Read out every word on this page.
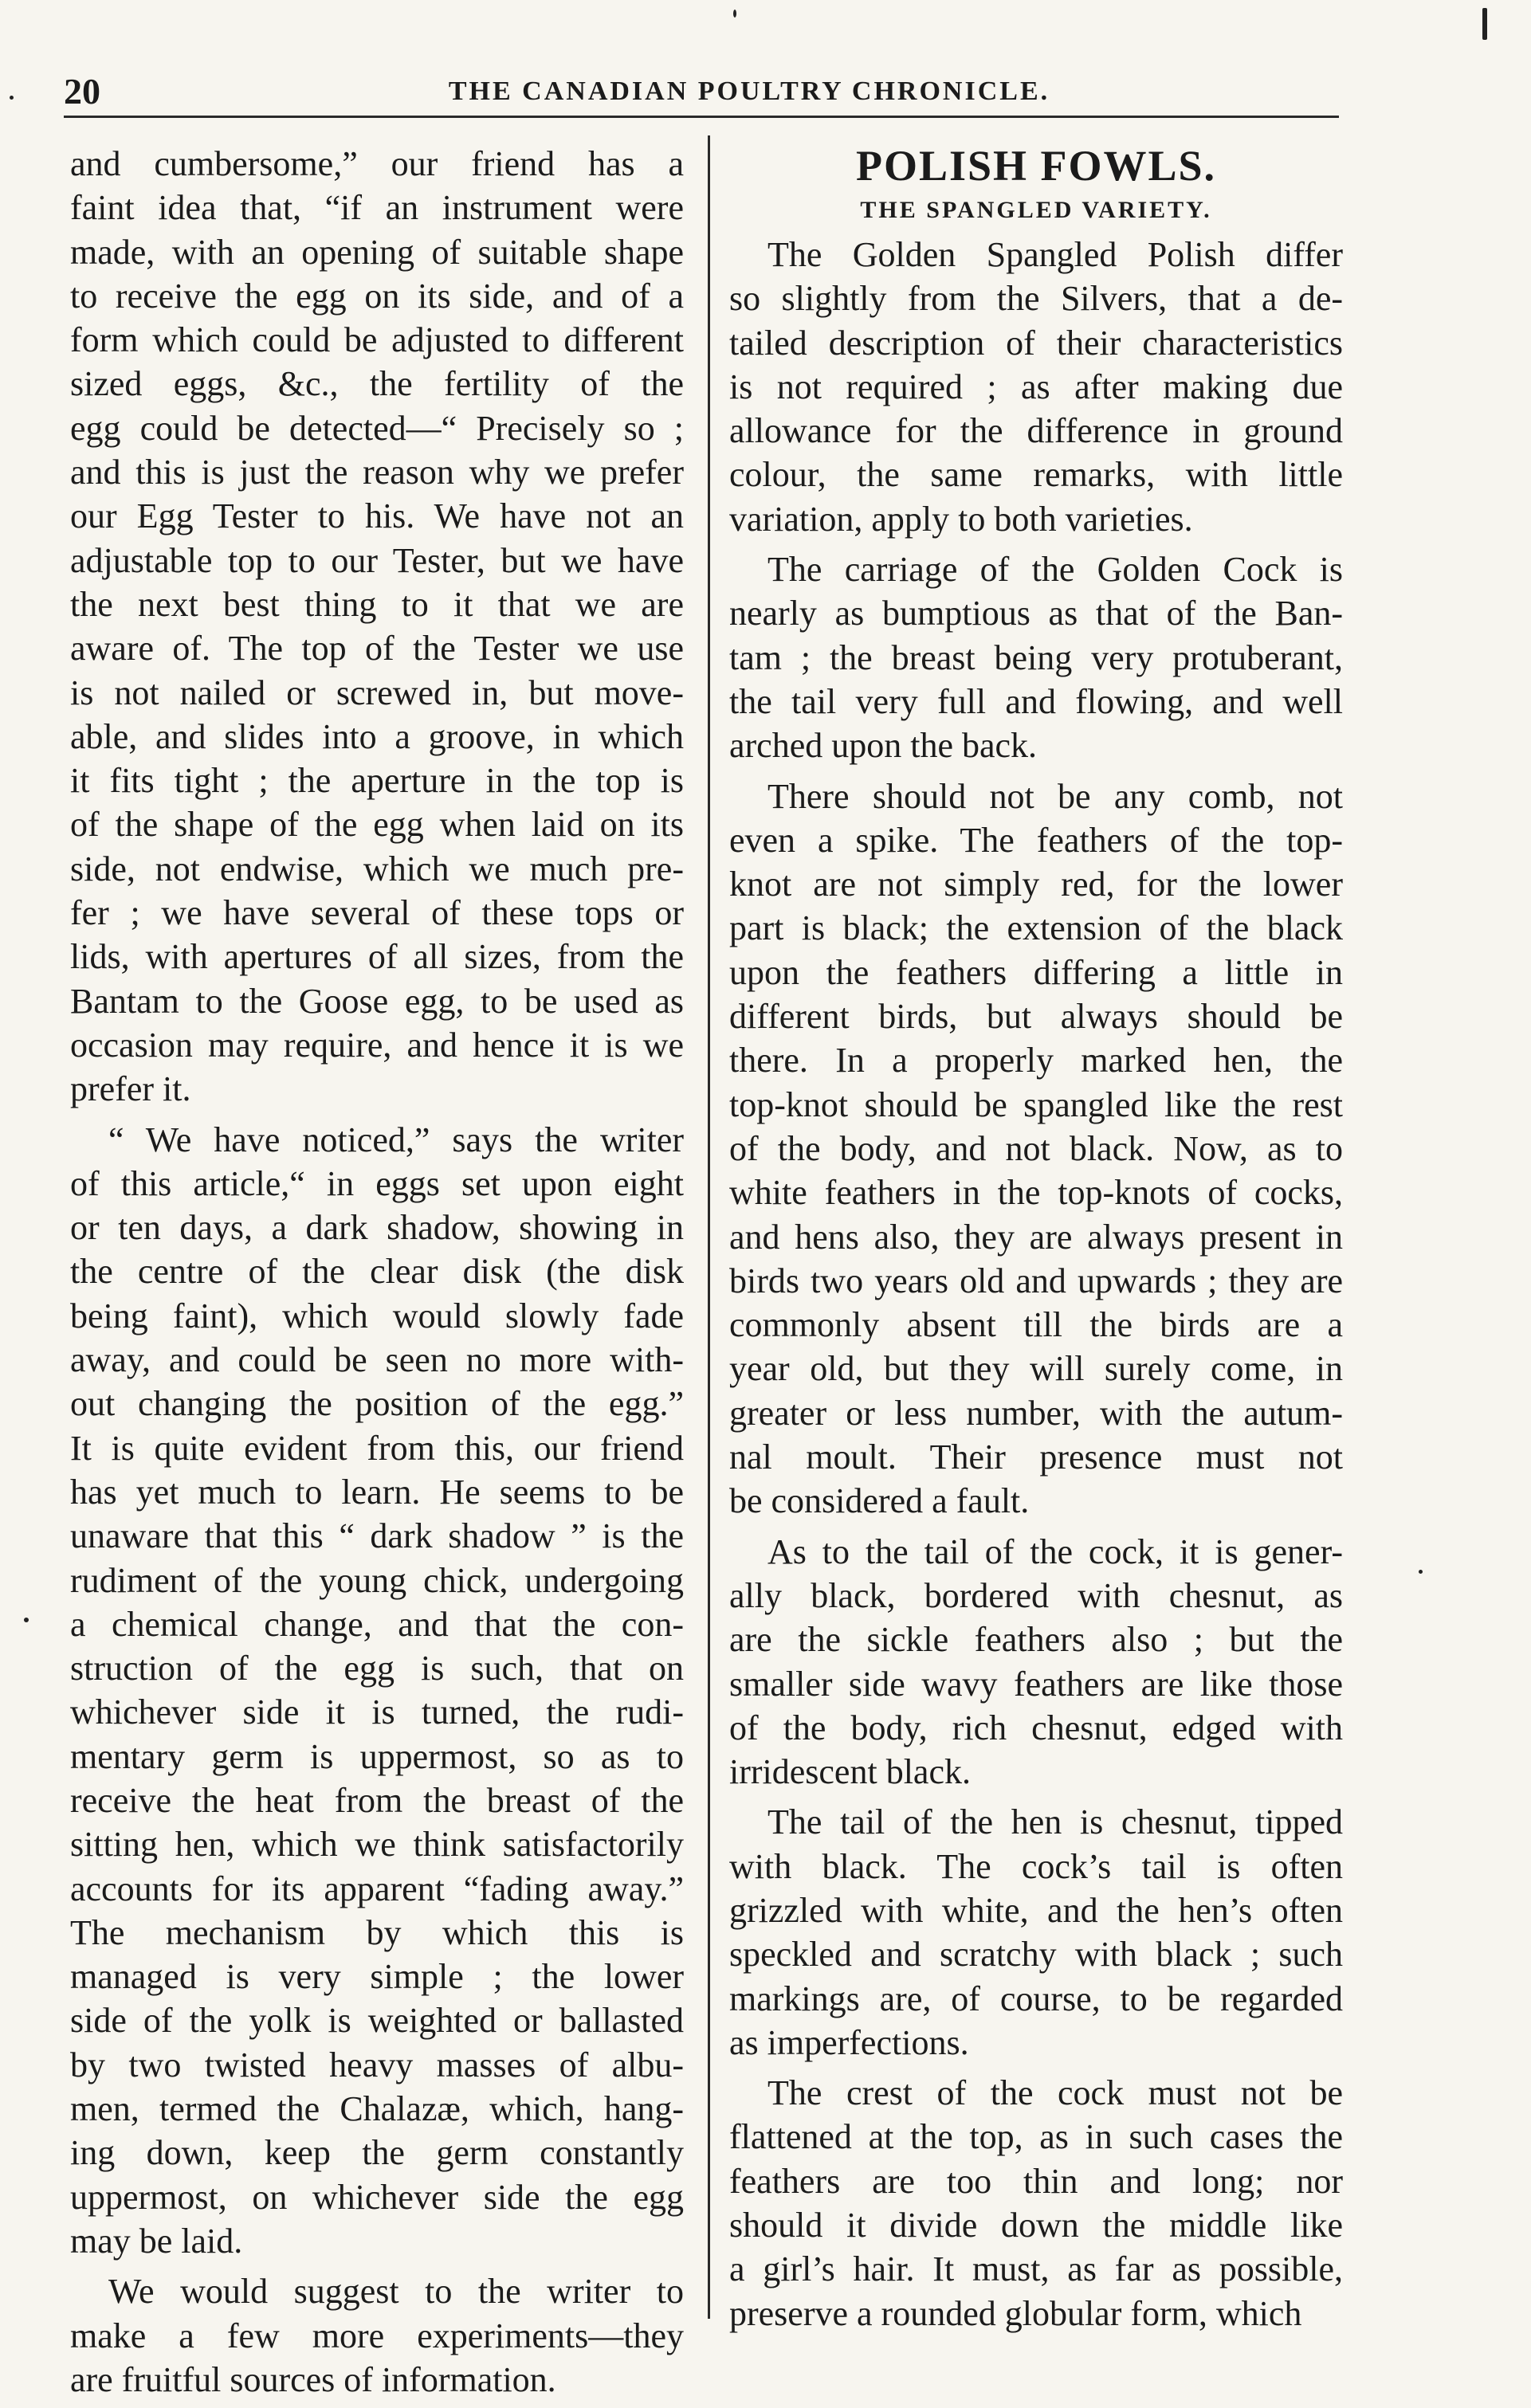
20	THE CANADIAN POULTRY CHRONICLE.
and cumbersome,” our friend has a
faint idea that, “if an instrument were
made, with an opening of suitable shape
to receive the egg on its side, and of a
form which could be adjusted to different
sized eggs, &c., the fertility of the
egg could be detected—“ Precisely so ;
and this is just the reason why we prefer
our Egg Tester to his. We have not an
adjustable top to our Tester, but we have
the next best thing to it that we are
aware of. The top of the Tester we use
is not nailed or screwed in, but move-
able, and slides into a groove, in which
it fits tight ; the aperture in the top is
of the shape of the egg when laid on its
side, not endwise, which we much pre-
fer ; we have several of these tops or
lids, with apertures of all sizes, from the
Bantam to the Goose egg, to be used as
occasion may require, and hence it is we
prefer it.
“ We have noticed,” says the writer
of this article,“ in eggs set upon eight
or ten days, a dark shadow, showing in
the centre of the clear disk (the disk
being faint), which would slowly fade
away, and could be seen no more with-
out changing the position of the egg.”
It is quite evident from this, our friend
has yet much to learn. He seems to be
unaware that this “ dark shadow ” is the
rudiment of the young chick, undergoing
a chemical change, and that the con-
struction of the egg is such, that on
whichever side it is turned, the rudi-
mentary germ is uppermost, so as to
receive the heat from the breast of the
sitting hen, which we think satisfactorily
accounts for its apparent “fading away.”
The mechanism by which this is
managed is very simple ; the lower
side of the yolk is weighted or ballasted
by two twisted heavy masses of albu-
men, termed the Chalazæ, which, hang-
ing down, keep the germ constantly
uppermost, on whichever side the egg
may be laid.
We would suggest to the writer to
make a few more experiments—they
are fruitful sources of information.
POLISH FOWLS.
THE SPANGLED VARIETY.
The Golden Spangled Polish differ
so slightly from the Silvers, that a de-
tailed description of their characteristics
is not required ; as after making due
allowance for the difference in ground
colour, the same remarks, with little
variation, apply to both varieties.
The carriage of the Golden Cock is
nearly as bumptious as that of the Ban-
tam ; the breast being very protuberant,
the tail very full and flowing, and well
arched upon the back.
There should not be any comb, not
even a spike. The feathers of the top-
knot are not simply red, for the lower
part is black; the extension of the black
upon the feathers differing a little in
different birds, but always should be
there. In a properly marked hen, the
top-knot should be spangled like the rest
of the body, and not black. Now, as to
white feathers in the top-knots of cocks,
and hens also, they are always present in
birds two years old and upwards ; they are
commonly absent till the birds are a
year old, but they will surely come, in
greater or less number, with the autum-
nal moult. Their presence must not
be considered a fault.
As to the tail of the cock, it is gener-
ally black, bordered with chesnut, as
are the sickle feathers also ; but the
smaller side wavy feathers are like those
of the body, rich chesnut, edged with
irridescent black.
The tail of the hen is chesnut, tipped
with black. The cock’s tail is often
grizzled with white, and the hen’s often
speckled and scratchy with black ; such
markings are, of course, to be regarded
as imperfections.
The crest of the cock must not be
flattened at the top, as in such cases the
feathers are too thin and long; nor
should it divide down the middle like
a girl’s hair. It must, as far as possible,
preserve a rounded globular form, which
